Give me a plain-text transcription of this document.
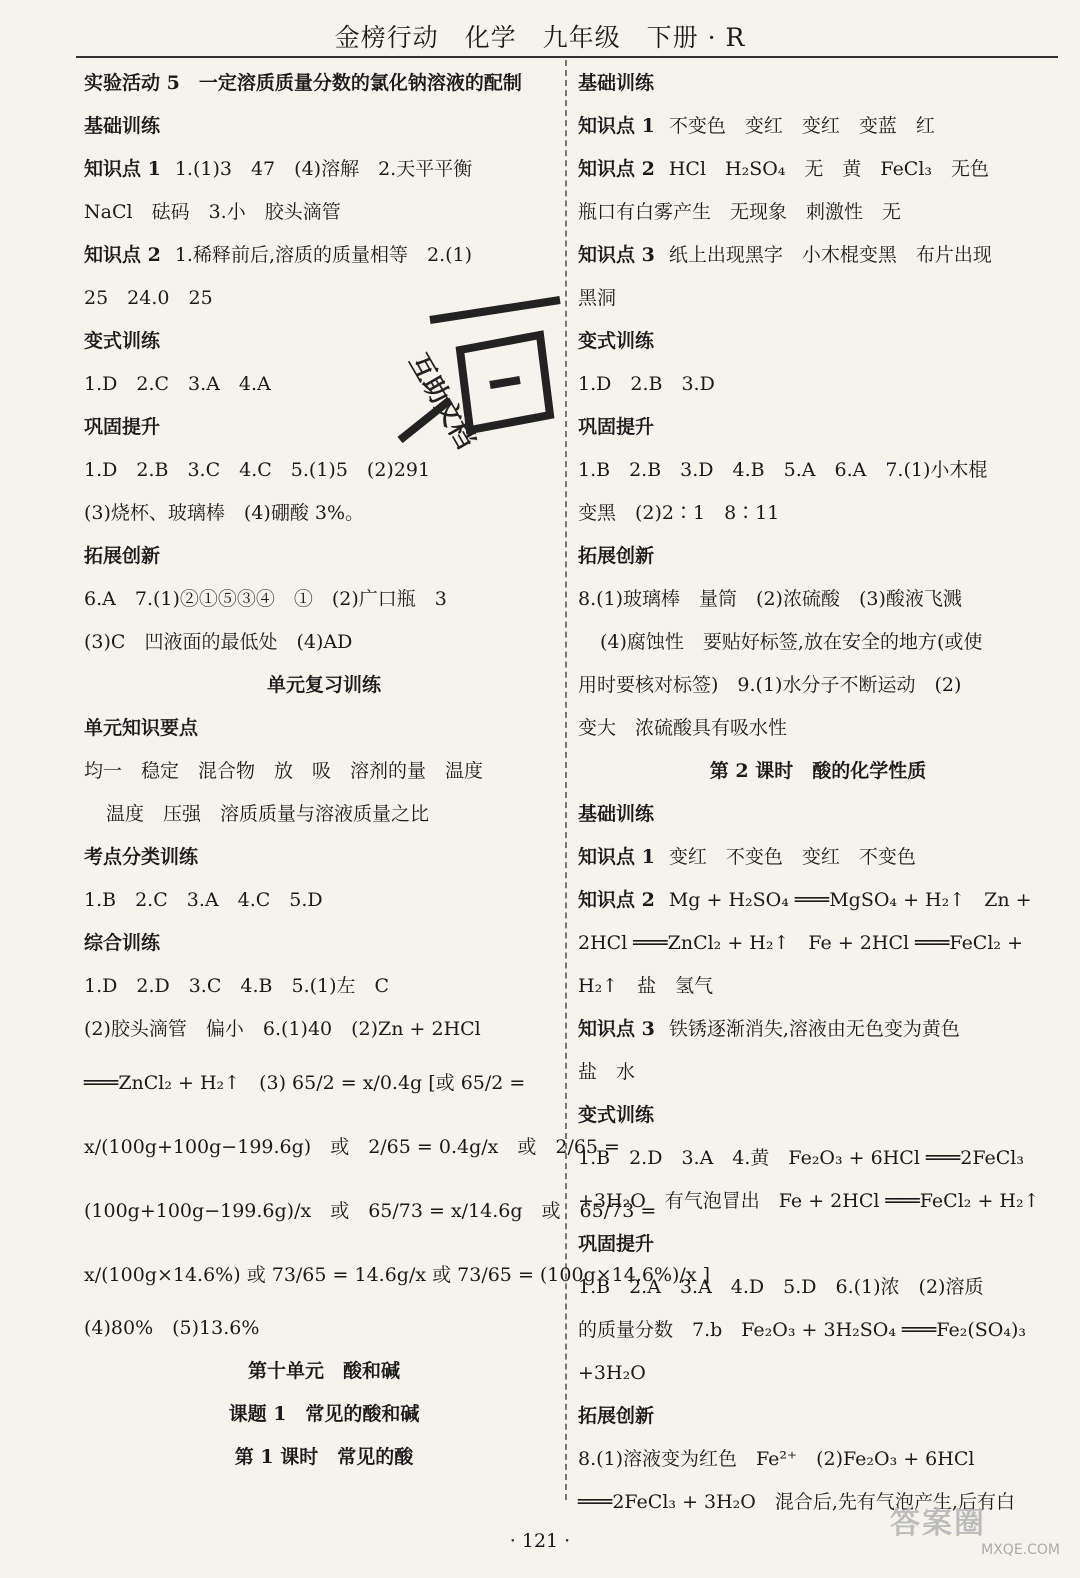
金榜行动　化学　九年级　下册 · R
实验活动 5　一定溶质质量分数的氯化钠溶液的配制
基础训练
知识点 1 1.(1)3　47　(4)溶解　2.天平平衡
NaCl　砝码　3.小　胶头滴管
知识点 2 1.稀释前后,溶质的质量相等　2.(1)
25　24.0　25
变式训练
1.D　2.C　3.A　4.A
巩固提升
1.D　2.B　3.C　4.C　5.(1)5　(2)291
(3)烧杯、玻璃棒　(4)硼酸 3%。
拓展创新
6.A　7.(1)②①⑤③④　①　(2)广口瓶　3
(3)C　凹液面的最低处　(4)AD
单元复习训练
单元知识要点
均一　稳定　混合物　放　吸　溶剂的量　温度
温度　压强　溶质质量与溶液质量之比
考点分类训练
1.B　2.C　3.A　4.C　5.D
综合训练
1.D　2.D　3.C　4.B　5.(1)左　C
(2)胶头滴管　偏小　6.(1)40　(2)Zn + 2HCl
═══ZnCl₂ + H₂↑　(3) 65/2 = x/0.4g [或 65/2 =
x/(100g+100g−199.6g)　或　2/65 = 0.4g/x　或　2/65 =
(100g+100g−199.6g)/x　或　65/73 = x/14.6g　或　65/73 =
x/(100g×14.6%) 或 73/65 = 14.6g/x 或 73/65 = (100g×14.6%)/x ]
(4)80%　(5)13.6%
第十单元　酸和碱
课题 1　常见的酸和碱
第 1 课时　常见的酸
基础训练
知识点 1 不变色　变红　变红　变蓝　红
知识点 2 HCl　H₂SO₄　无　黄　FeCl₃　无色
瓶口有白雾产生　无现象　刺激性　无
知识点 3 纸上出现黑字　小木棍变黑　布片出现
黑洞
变式训练
1.D　2.B　3.D
巩固提升
1.B　2.B　3.D　4.B　5.A　6.A　7.(1)小木棍
变黑　(2)2∶1　8∶11
拓展创新
8.(1)玻璃棒　量筒　(2)浓硫酸　(3)酸液飞溅
(4)腐蚀性　要贴好标签,放在安全的地方(或使
用时要核对标签)　9.(1)水分子不断运动　(2)
变大　浓硫酸具有吸水性
第 2 课时　酸的化学性质
基础训练
知识点 1 变红　不变色　变红　不变色
知识点 2 Mg + H₂SO₄ ═══MgSO₄ + H₂↑　Zn +
2HCl ═══ZnCl₂ + H₂↑　Fe + 2HCl ═══FeCl₂ +
H₂↑　盐　氢气
知识点 3 铁锈逐渐消失,溶液由无色变为黄色
盐　水
变式训练
1.B　2.D　3.A　4.黄　Fe₂O₃ + 6HCl ═══2FeCl₃
+3H₂O　有气泡冒出　Fe + 2HCl ═══FeCl₂ + H₂↑
巩固提升
1.B　2.A　3.A　4.D　5.D　6.(1)浓　(2)溶质
的质量分数　7.b　Fe₂O₃ + 3H₂SO₄ ═══Fe₂(SO₄)₃
+3H₂O
拓展创新
8.(1)溶液变为红色　Fe²⁺　(2)Fe₂O₃ + 6HCl
═══2FeCl₃ + 3H₂O　混合后,先有气泡产生,后有白
互助文档
· 121 ·	答案圈
MXQE.COM
